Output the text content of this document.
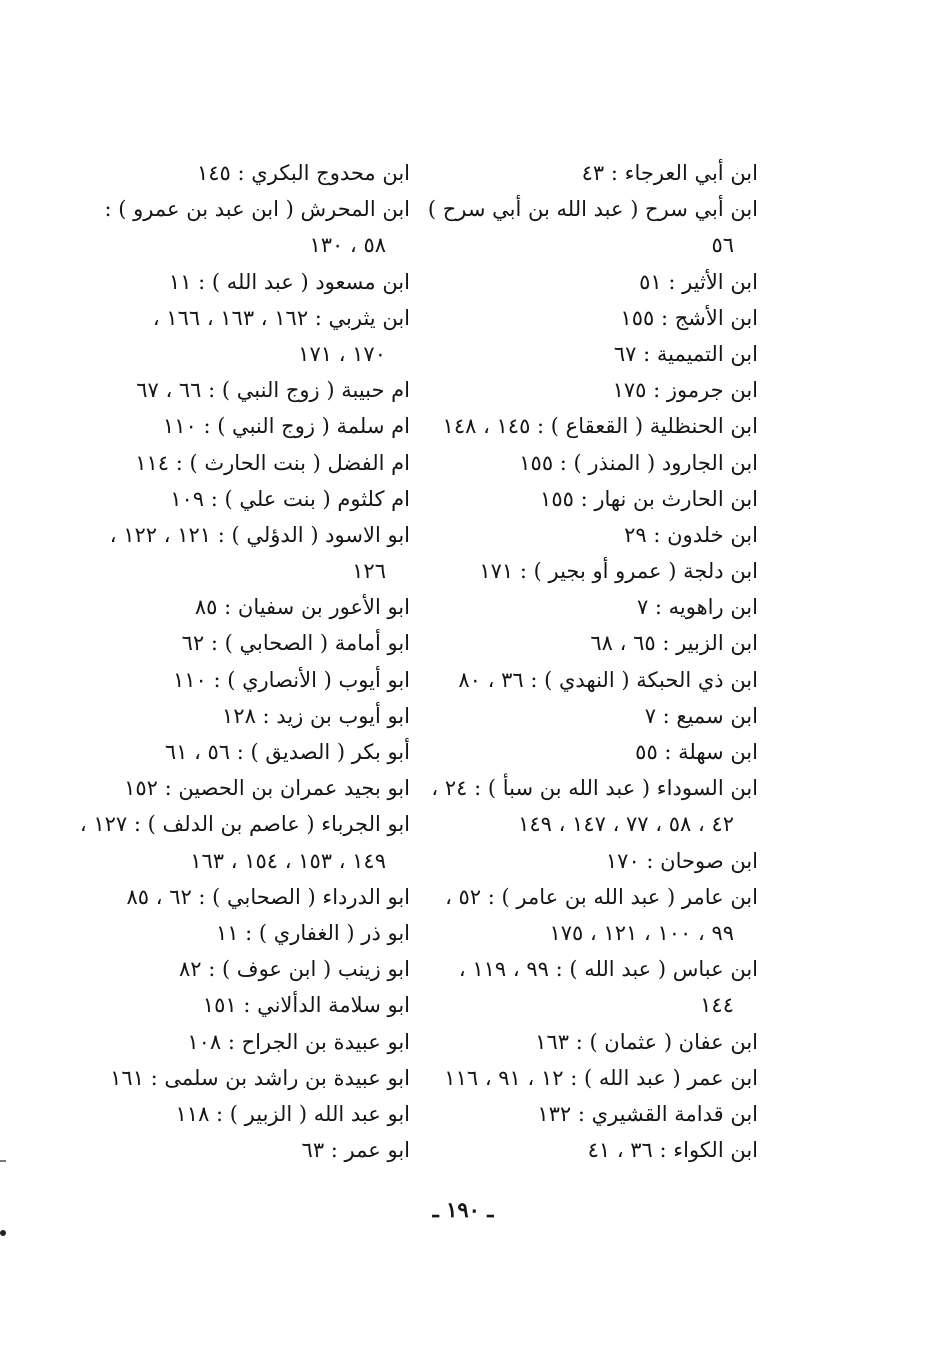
ابن أبي العرجاء : ٤٣
ابن أبي سرح ( عبد الله بن أبي سرح )
٥٦
ابن الأثير : ٥١
ابن الأشج : ١٥٥
ابن التميمية : ٦٧
ابن جرموز : ١٧٥
ابن الحنظلية ( القعقاع ) : ١٤٥ ، ١٤٨
ابن الجارود ( المنذر ) : ١٥٥
ابن الحارث بن نهار : ١٥٥
ابن خلدون : ٢٩
ابن دلجة ( عمرو أو بجير ) : ١٧١
ابن راهويه : ٧
ابن الزبير : ٦٥ ، ٦٨
ابن ذي الحبكة ( النهدي ) : ٣٦ ، ٨٠
ابن سميع : ٧
ابن سهلة : ٥٥
ابن السوداء ( عبد الله بن سبأ ) : ٢٤ ،
٤٢ ، ٥٨ ، ٧٧ ، ١٤٧ ، ١٤٩
ابن صوحان : ١٧٠
ابن عامر ( عبد الله بن عامر ) : ٥٢ ،
٩٩ ، ١٠٠ ، ١٢١ ، ١٧٥
ابن عباس ( عبد الله ) : ٩٩ ، ١١٩ ،
١٤٤
ابن عفان ( عثمان ) : ١٦٣
ابن عمر ( عبد الله ) : ١٢ ، ٩١ ، ١١٦
ابن قدامة القشيري : ١٣٢
ابن الكواء : ٣٦ ، ٤١
ابن محدوج البكري : ١٤٥
ابن المحرش ( ابن عبد بن عمرو ) :
٥٨ ، ١٣٠
ابن مسعود ( عبد الله ) : ١١
ابن يثربي : ١٦٢ ، ١٦٣ ، ١٦٦ ،
١٧٠ ، ١٧١
ام حبيبة ( زوج النبي ) : ٦٦ ، ٦٧
ام سلمة ( زوج النبي ) : ١١٠
ام الفضل ( بنت الحارث ) : ١١٤
ام كلثوم ( بنت علي ) : ١٠٩
ابو الاسود ( الدؤلي ) : ١٢١ ، ١٢٢ ،
١٢٦
ابو الأعور بن سفيان : ٨٥
ابو أمامة ( الصحابي ) : ٦٢
ابو أيوب ( الأنصاري ) : ١١٠
ابو أيوب بن زيد : ١٢٨
أبو بكر ( الصديق ) : ٥٦ ، ٦١
ابو بجيد عمران بن الحصين : ١٥٢
ابو الجرباء ( عاصم بن الدلف ) : ١٢٧ ،
١٤٩ ، ١٥٣ ، ١٥٤ ، ١٦٣
ابو الدرداء ( الصحابي ) : ٦٢ ، ٨٥
ابو ذر ( الغفاري ) : ١١
ابو زينب ( ابن عوف ) : ٨٢
ابو سلامة الدألاني : ١٥١
ابو عبيدة بن الجراح : ١٠٨
ابو عبيدة بن راشد بن سلمى : ١٦١
ابو عبد الله ( الزبير ) : ١١٨
ابو عمر : ٦٣
ـ ١٩٠ ـ
